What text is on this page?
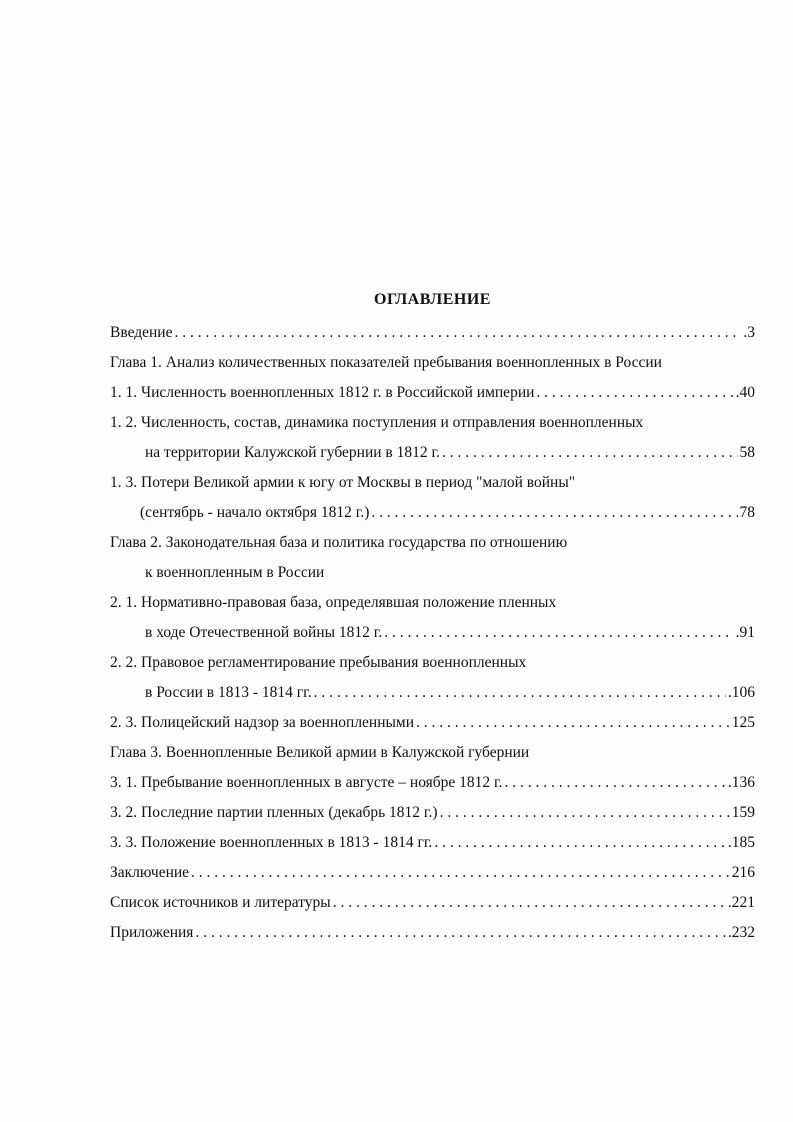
ОГЛАВЛЕНИЕ
Введение . . .	.3
Глава 1. Анализ количественных показателей пребывания военнопленных в России
1. 1. Численность военнопленных 1812 г. в Российской империи . . .	.40
1. 2. Численность, состав, динамика поступления и отправления военнопленных
на территории Калужской губернии в 1812 г. . . .	58
1. 3. Потери Великой армии к югу от Москвы в период "малой войны"
(сентябрь - начало октября 1812 г.) . . .	78
Глава 2. Законодательная база и политика государства по отношению
к военнопленным в России
2. 1. Нормативно-правовая база, определявшая положение пленных
в ходе Отечественной войны 1812 г. . . .	.91
2. 2. Правовое регламентирование пребывания военнопленных
в России в 1813 - 1814 гг. . . .	.106
2. 3. Полицейский надзор за военнопленными . . .	125
Глава 3. Военнопленные Великой армии в Калужской губернии
3. 1. Пребывание военнопленных в августе – ноябре 1812 г. . . .	.136
3. 2. Последние партии пленных (декабрь 1812 г.) . . .	159
3. 3. Положение военнопленных в 1813 - 1814 гг. . . .	.185
Заключение . . .	216
Список источников и литературы . . .	.221
Приложения . . .	.232
